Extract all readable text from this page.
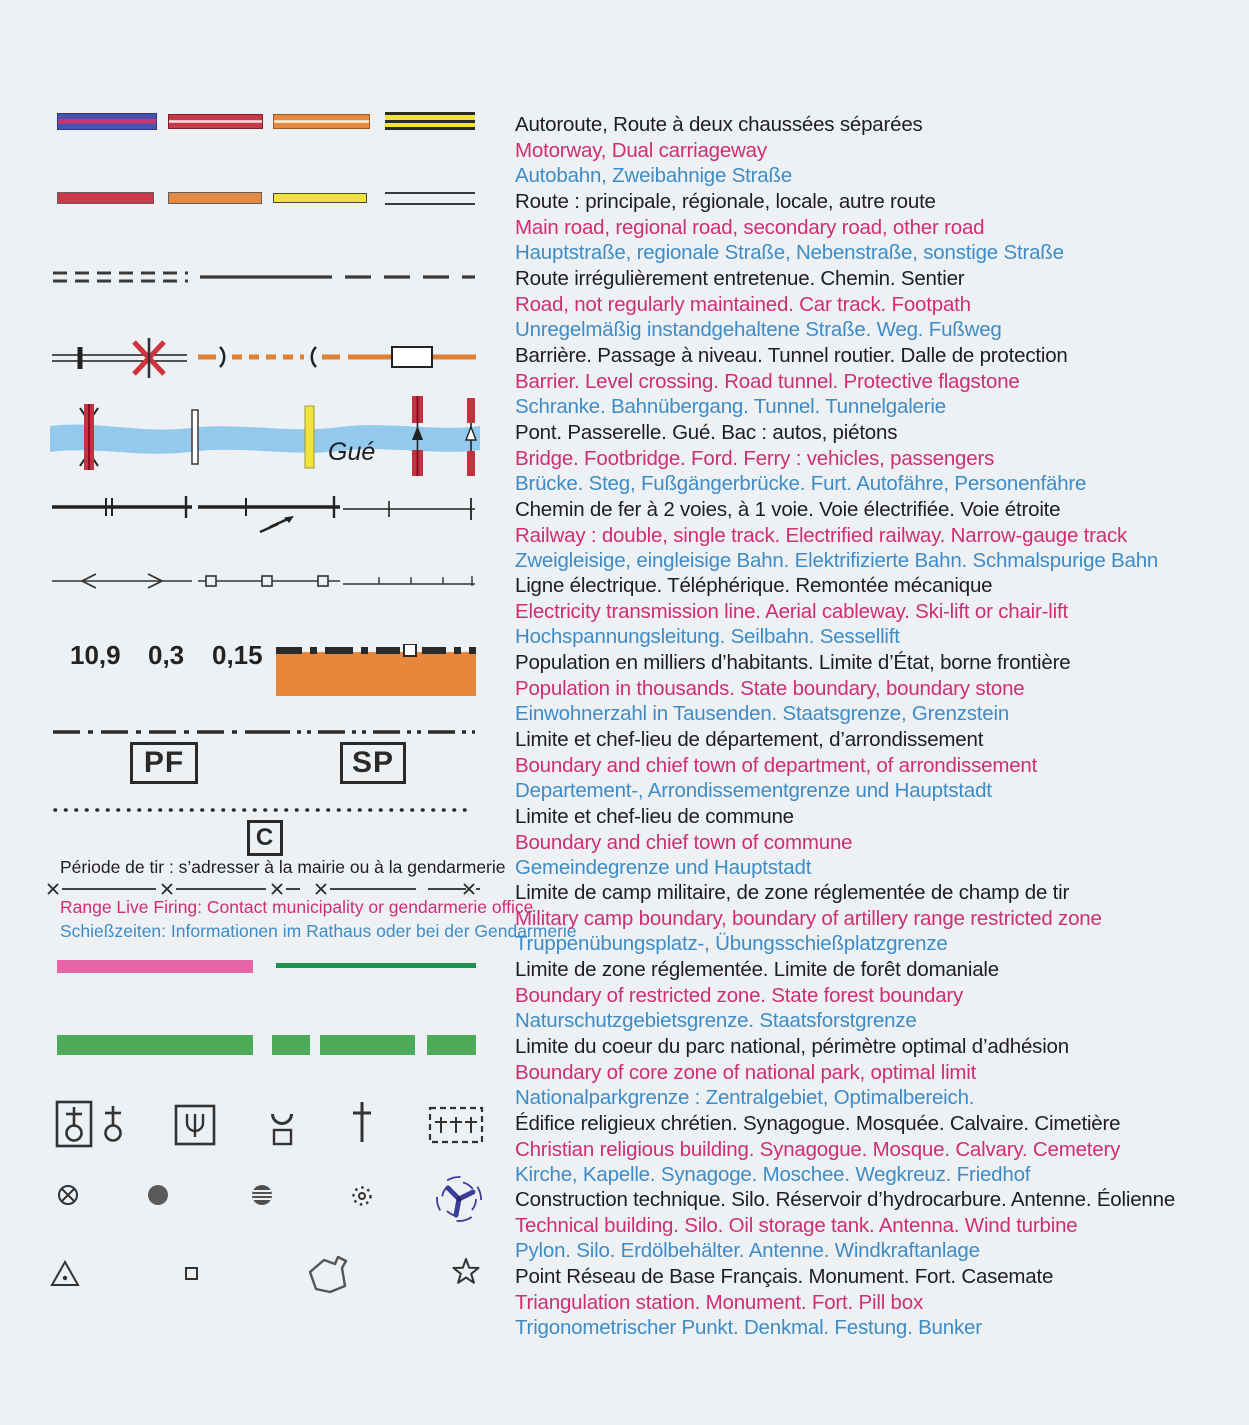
Gué
10,9 0,3 0,15
PF	SP
C
Période de tir : s’adresser à la mairie ou à la gendarmerie
Range Live Firing: Contact municipality or gendarmerie office
Schießzeiten: Informationen im Rathaus oder bei der Gendarmerie
Autoroute, Route à deux chaussées séparées
Motorway, Dual carriageway
Autobahn, Zweibahnige Straße
Route : principale, régionale, locale, autre route
Main road, regional road, secondary road, other road
Hauptstraße, regionale Straße, Nebenstraße, sonstige Straße
Route irrégulièrement entretenue. Chemin. Sentier
Road, not regularly maintained. Car track. Footpath
Unregelmäßig instandgehaltene Straße. Weg. Fußweg
Barrière. Passage à niveau. Tunnel routier. Dalle de protection
Barrier. Level crossing. Road tunnel. Protective flagstone
Schranke. Bahnübergang. Tunnel. Tunnelgalerie
Pont. Passerelle. Gué. Bac : autos, piétons
Bridge. Footbridge. Ford. Ferry : vehicles, passengers
Brücke. Steg, Fußgängerbrücke. Furt. Autofähre, Personenfähre
Chemin de fer à 2 voies, à 1 voie. Voie électrifiée. Voie étroite
Railway : double, single track. Electrified railway. Narrow-gauge track
Zweigleisige, eingleisige Bahn. Elektrifizierte Bahn. Schmalspurige Bahn
Ligne électrique. Téléphérique. Remontée mécanique
Electricity transmission line. Aerial cableway. Ski-lift or chair-lift
Hochspannungsleitung. Seilbahn. Sessellift
Population en milliers d’habitants. Limite d’État, borne frontière
Population in thousands. State boundary, boundary stone
Einwohnerzahl in Tausenden. Staatsgrenze, Grenzstein
Limite et chef-lieu de département, d’arrondissement
Boundary and chief town of department, of arrondissement
Departement-, Arrondissementgrenze und Hauptstadt
Limite et chef-lieu de commune
Boundary and chief town of commune
Gemeindegrenze und Hauptstadt
Limite de camp militaire, de zone réglementée de champ de tir
Military camp boundary, boundary of artillery range restricted zone
Truppenübungsplatz-, Übungsschießplatzgrenze
Limite de zone réglementée. Limite de forêt domaniale
Boundary of restricted zone. State forest boundary
Naturschutzgebietsgrenze. Staatsforstgrenze
Limite du coeur du parc national, périmètre optimal d’adhésion
Boundary of core zone of national park, optimal limit
Nationalparkgrenze : Zentralgebiet, Optimalbereich.
Édifice religieux chrétien. Synagogue. Mosquée. Calvaire. Cimetière
Christian religious building. Synagogue. Mosque. Calvary. Cemetery
Kirche, Kapelle. Synagoge. Moschee. Wegkreuz. Friedhof
Construction technique. Silo. Réservoir d’hydrocarbure. Antenne. Éolienne
Technical building. Silo. Oil storage tank. Antenna. Wind turbine
Pylon. Silo. Erdölbehälter. Antenne. Windkraftanlage
Point Réseau de Base Français. Monument. Fort. Casemate
Triangulation station. Monument. Fort. Pill box
Trigonometrischer Punkt. Denkmal. Festung. Bunker
